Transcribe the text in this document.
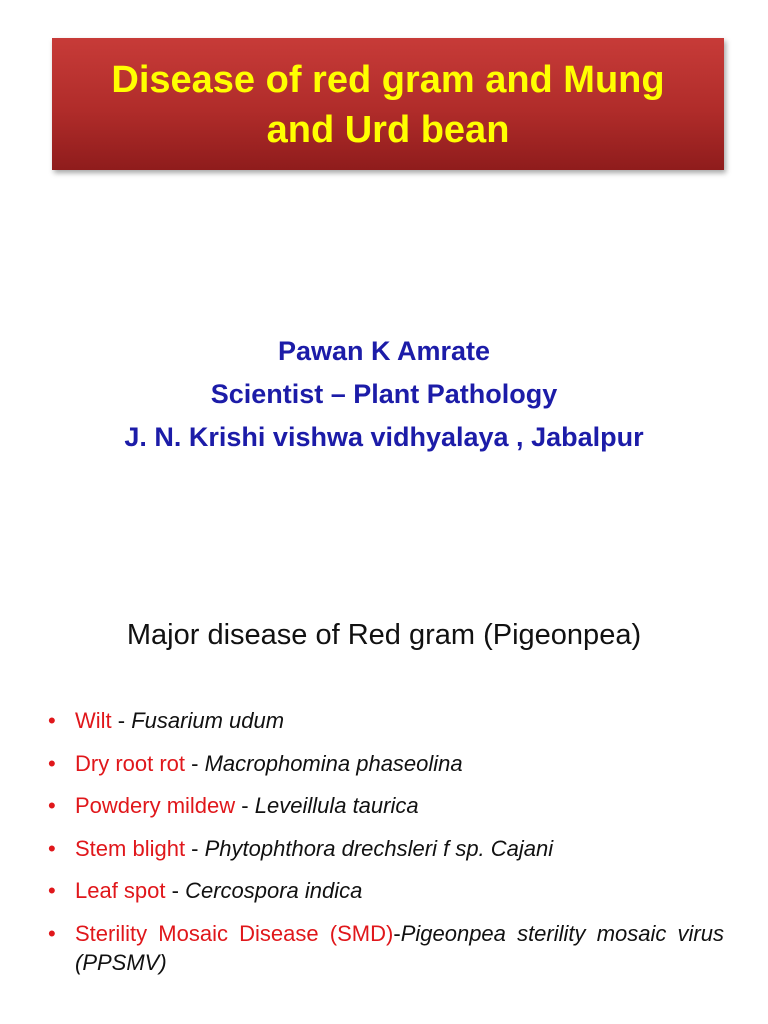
Disease of red gram and Mung
and Urd bean
Pawan K Amrate
Scientist – Plant Pathology
J. N. Krishi vishwa vidhyalaya , Jabalpur
Major disease of Red gram (Pigeonpea)
• Wilt - Fusarium udum
• Dry root rot - Macrophomina phaseolina
• Powdery mildew - Leveillula taurica
• Stem blight - Phytophthora drechsleri f sp. Cajani
• Leaf spot - Cercospora indica
• Sterility Mosaic Disease (SMD)-Pigeonpea sterility mosaic virus (PPSMV)
